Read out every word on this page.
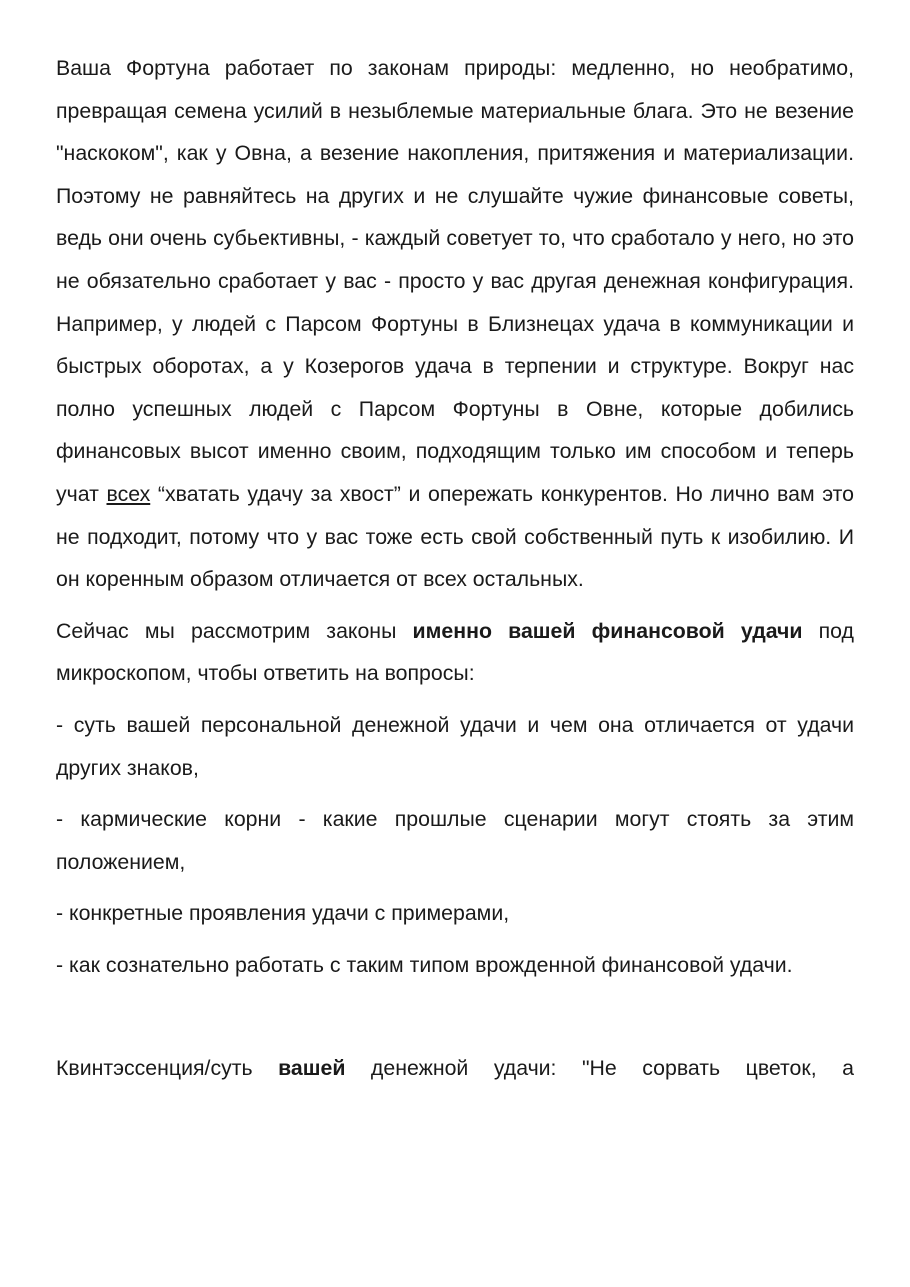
Ваша Фортуна работает по законам природы: медленно, но необратимо, превращая семена усилий в незыблемые материальные блага. Это не везение "наскоком", как у Овна, а везение накопления, притяжения и материализации. Поэтому не равняйтесь на других и не слушайте чужие финансовые советы, ведь они очень субьективны, - каждый советует то, что сработало у него, но это не обязательно сработает у вас - просто у вас другая денежная конфигурация. Например, у людей с Парсом Фортуны в Близнецах удача в коммуникации и быстрых оборотах, а у Козерогов удача в терпении и структуре. Вокруг нас полно успешных людей с Парсом Фортуны в Овне, которые добились финансовых высот именно своим, подходящим только им способом и теперь учат всех “хватать удачу за хвост” и опережать конкурентов. Но лично вам это не подходит, потому что у вас тоже есть свой собственный путь к изобилию. И он коренным образом отличается от всех остальных.

Сейчас мы рассмотрим законы именно вашей финансовой удачи под микроскопом, чтобы ответить на вопросы:

- суть вашей персональной денежной удачи и чем она отличается от удачи других знаков,

- кармические корни - какие прошлые сценарии могут стоять за этим положением,

- конкретные проявления удачи с примерами,

- как сознательно работать с таким типом врожденной финансовой удачи.

Квинтэссенция/суть вашей денежной удачи: "Не сорвать цветок, а
